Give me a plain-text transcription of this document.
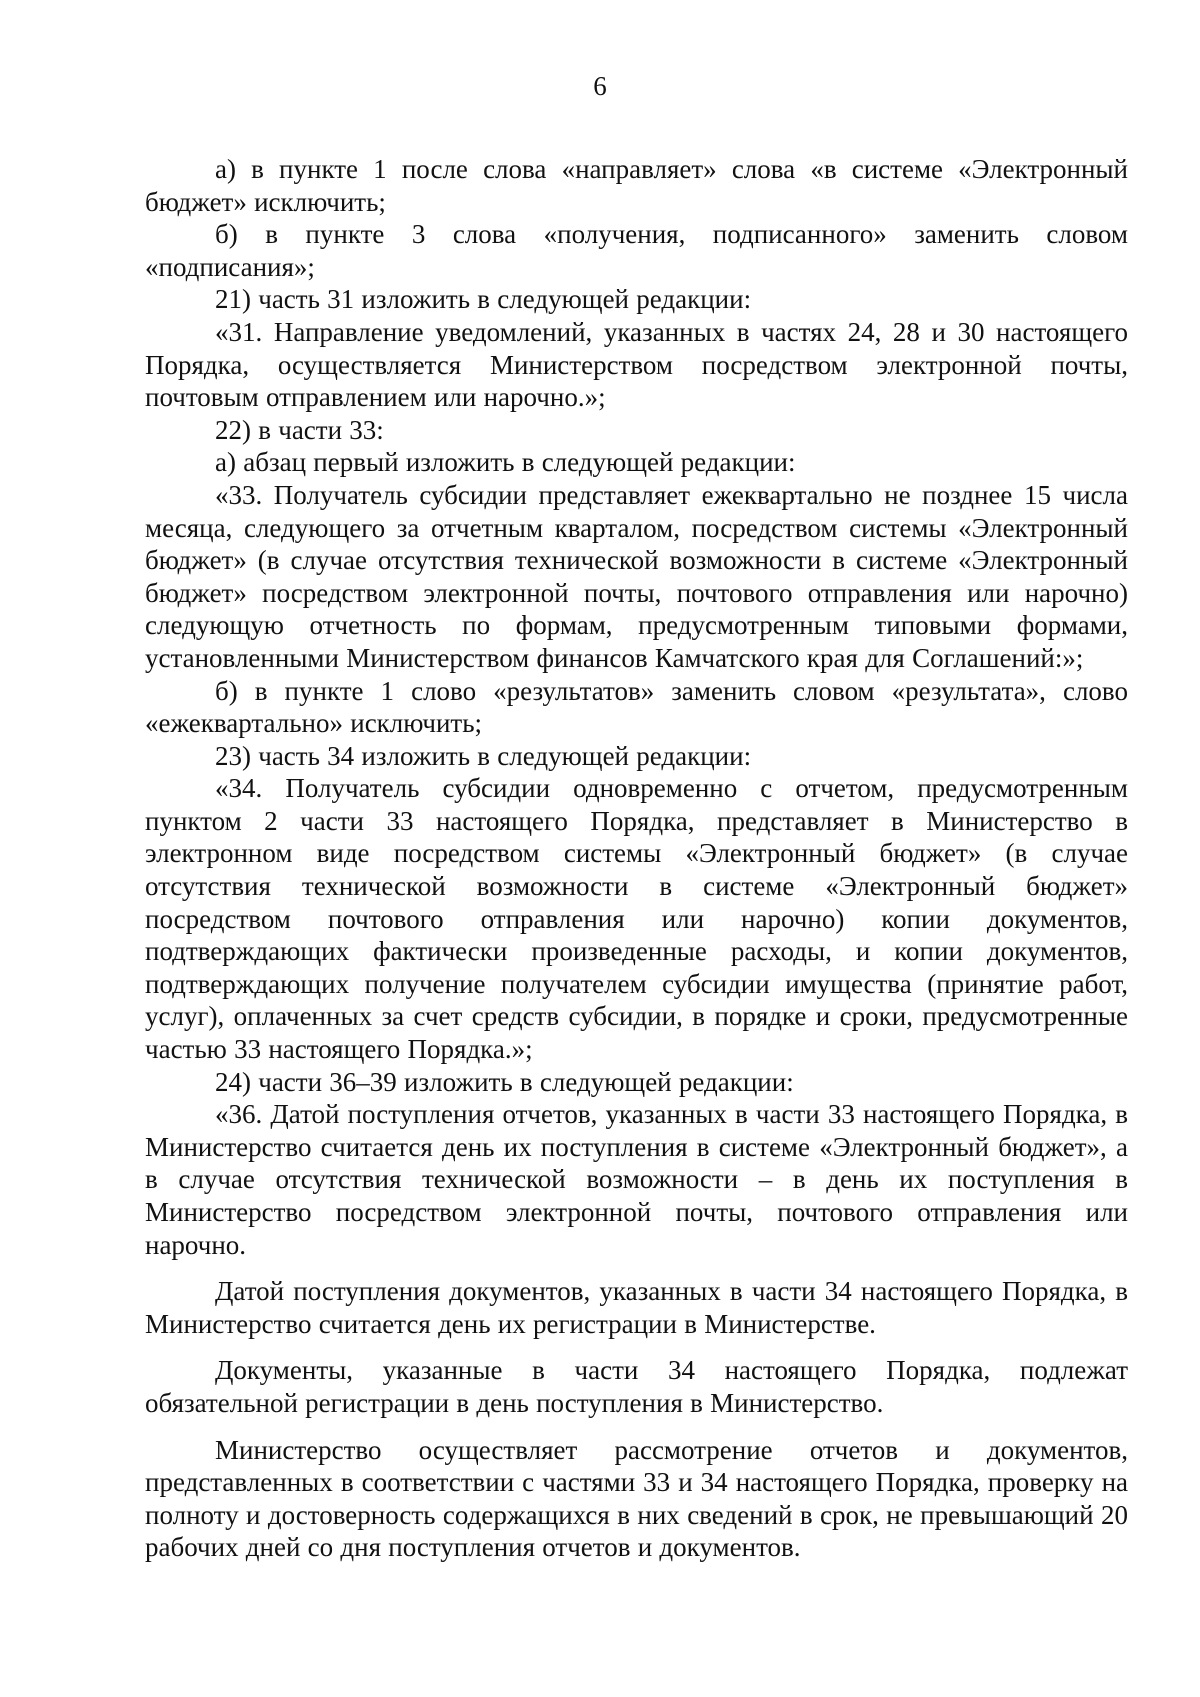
6

а) в пункте 1 после слова «направляет» слова «в системе «Электронный бюджет» исключить;

б) в пункте 3 слова «получения, подписанного» заменить словом «подписания»;

21) часть 31 изложить в следующей редакции:

«31. Направление уведомлений, указанных в частях 24, 28 и 30 настоящего Порядка, осуществляется Министерством посредством электронной почты, почтовым отправлением или нарочно.»;

22) в части 33:

а) абзац первый изложить в следующей редакции:

«33. Получатель субсидии представляет ежеквартально не позднее 15 числа месяца, следующего за отчетным кварталом, посредством системы «Электронный бюджет» (в случае отсутствия технической возможности в системе «Электронный бюджет» посредством электронной почты, почтового отправления или нарочно) следующую отчетность по формам, предусмотренным типовыми формами, установленными Министерством финансов Камчатского края для Соглашений:»;

б) в пункте 1 слово «результатов» заменить словом «результата», слово «ежеквартально» исключить;

23) часть 34 изложить в следующей редакции:

«34. Получатель субсидии одновременно с отчетом, предусмотренным пунктом 2 части 33 настоящего Порядка, представляет в Министерство в электронном виде посредством системы «Электронный бюджет» (в случае отсутствия технической возможности в системе «Электронный бюджет» посредством почтового отправления или нарочно) копии документов, подтверждающих фактически произведенные расходы, и копии документов, подтверждающих получение получателем субсидии имущества (принятие работ, услуг), оплаченных за счет средств субсидии, в порядке и сроки, предусмотренные частью 33 настоящего Порядка.»;

24) части 36–39 изложить в следующей редакции:

«36. Датой поступления отчетов, указанных в части 33 настоящего Порядка, в Министерство считается день их поступления в системе «Электронный бюджет», а в случае отсутствия технической возможности – в день их поступления в Министерство посредством электронной почты, почтового отправления или нарочно.

Датой поступления документов, указанных в части 34 настоящего Порядка, в Министерство считается день их регистрации в Министерстве.

Документы, указанные в части 34 настоящего Порядка, подлежат обязательной регистрации в день поступления в Министерство.

Министерство осуществляет рассмотрение отчетов и документов, представленных в соответствии с частями 33 и 34 настоящего Порядка, проверку на полноту и достоверность содержащихся в них сведений в срок, не превышающий 20 рабочих дней со дня поступления отчетов и документов.
